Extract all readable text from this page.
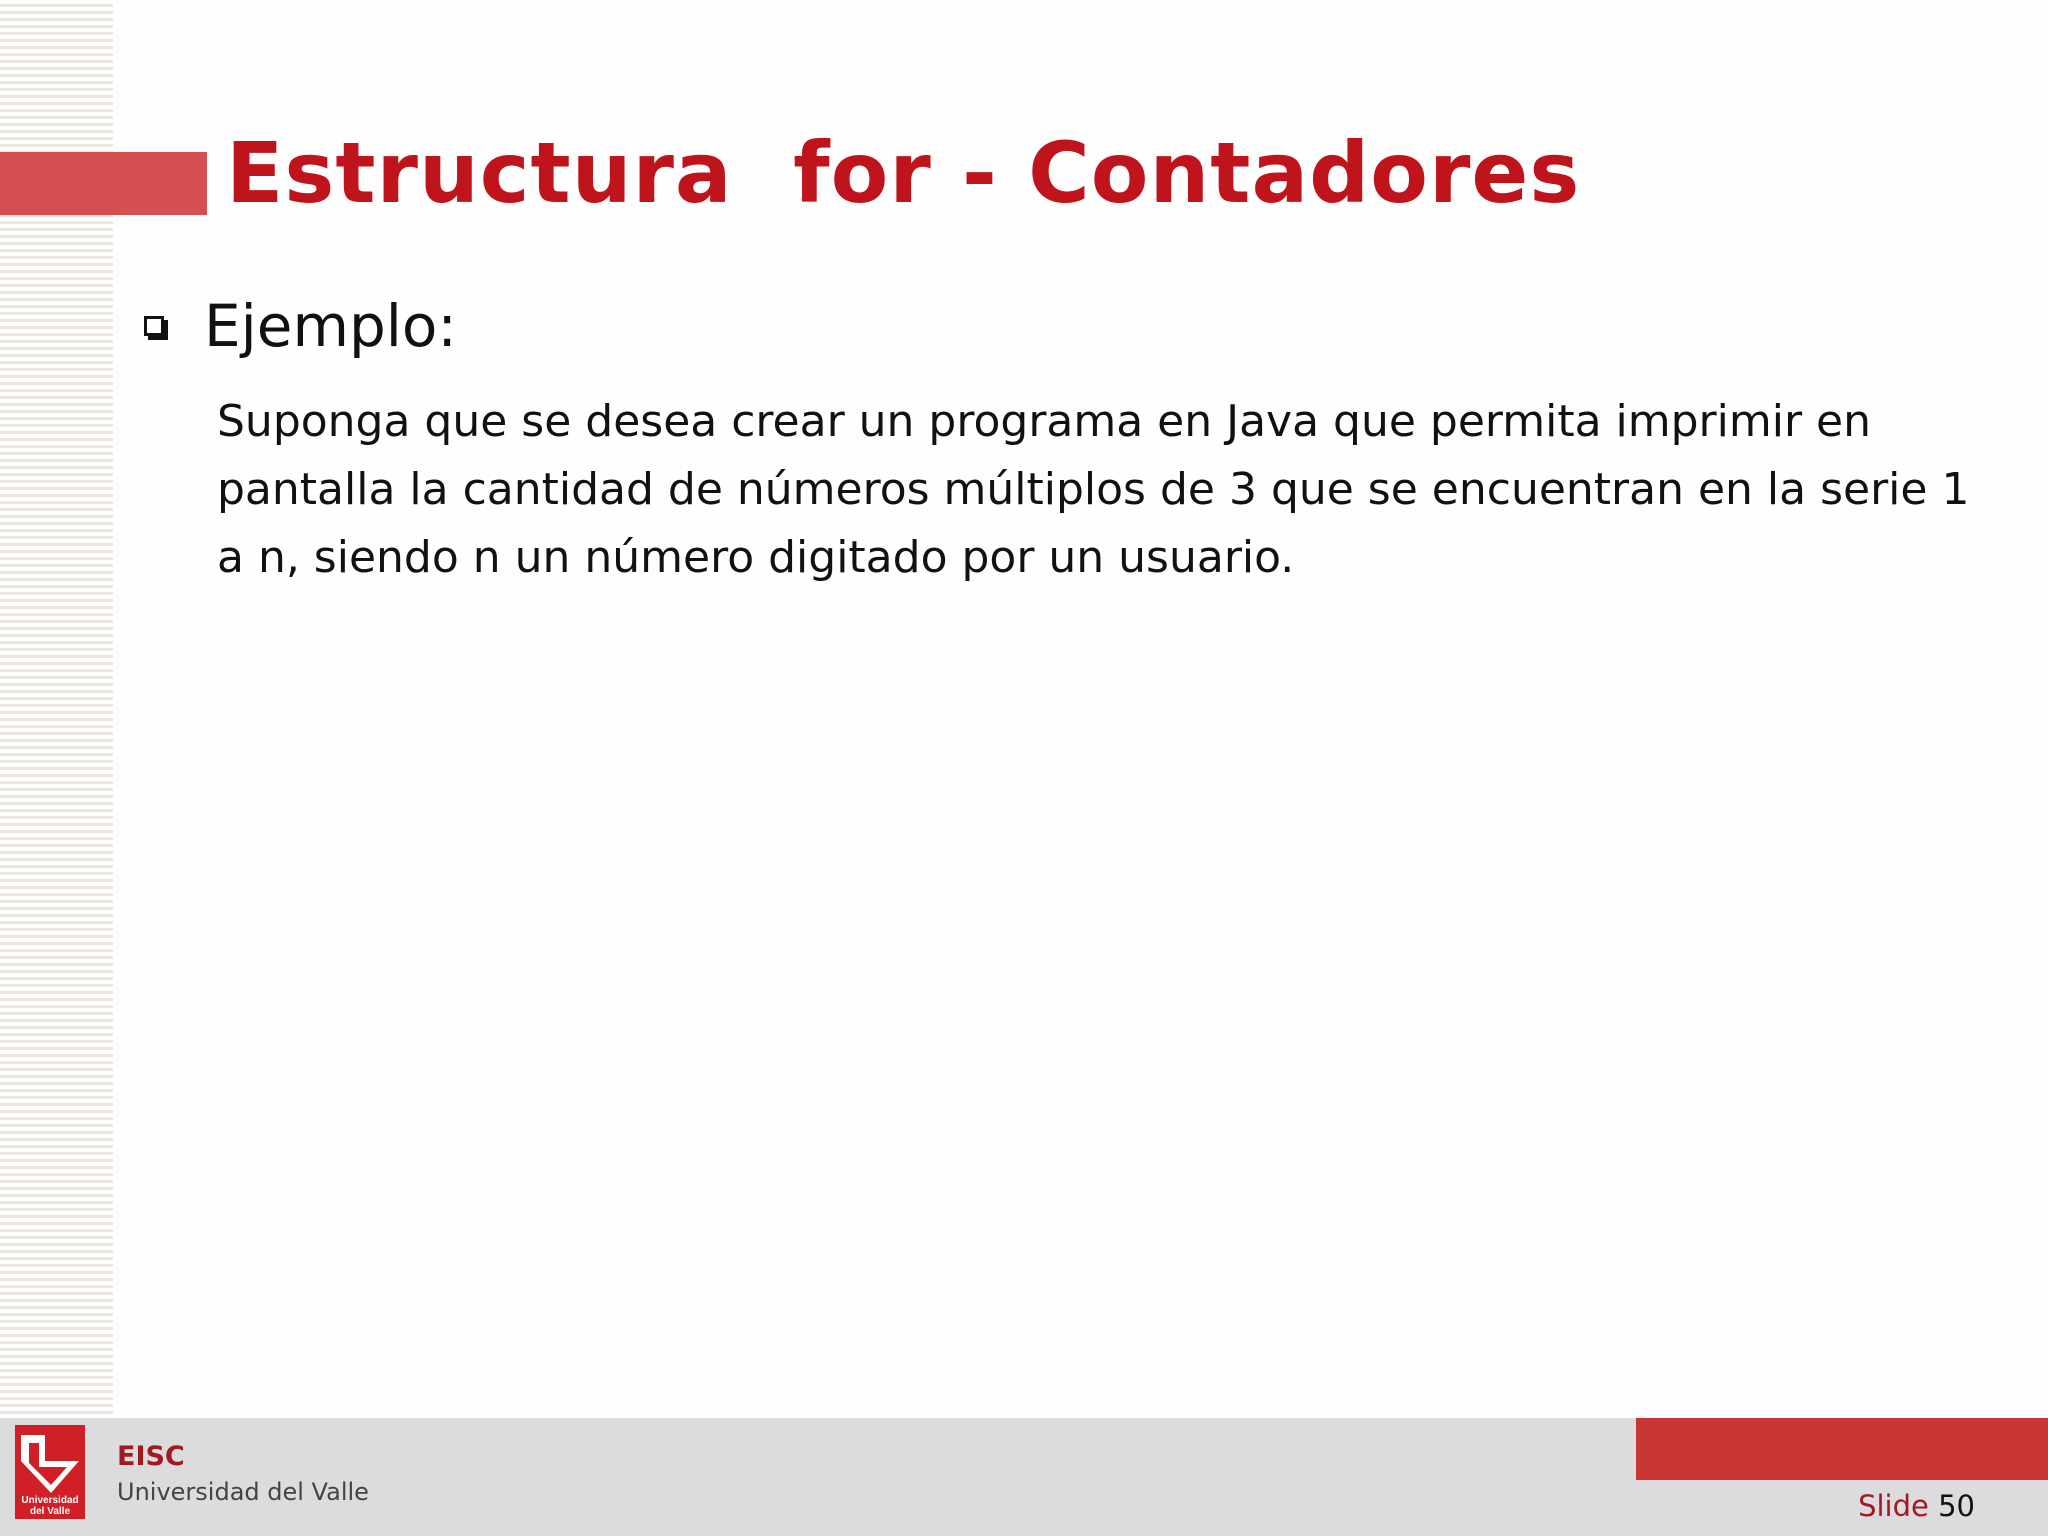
Estructura  for - Contadores
Ejemplo:

Suponga que se desea crear un programa en Java que permita imprimir en pantalla la cantidad de números múltiplos de 3 que se encuentran en la serie 1 a n, siendo n un número digitado por un usuario.

Universidad
del Valle
EISC
Universidad del Valle	Slide 50
